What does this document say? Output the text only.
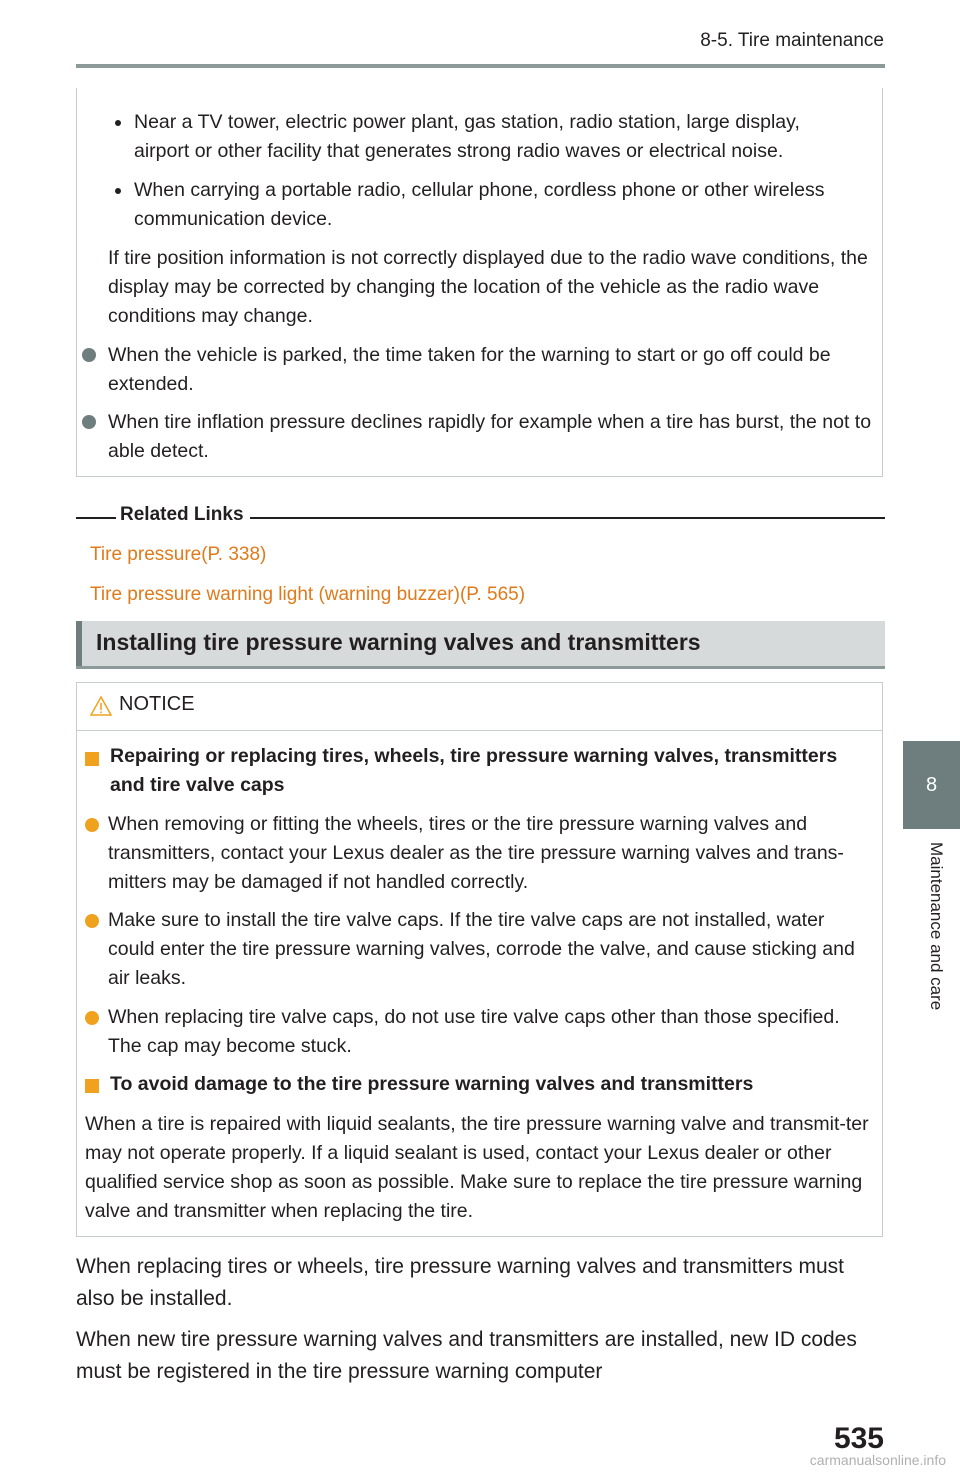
8-5. Tire maintenance
8
Maintenance and care
Near a TV tower, electric power plant, gas station, radio station, large display, airport or other facility that generates strong radio waves or electrical noise.
When carrying a portable radio, cellular phone, cordless phone or other wireless communication device.
If tire position information is not correctly displayed due to the radio wave conditions, the display may be corrected by changing the location of the vehicle as the radio wave conditions may change.
When the vehicle is parked, the time taken for the warning to start or go off could be extended.
When tire inflation pressure declines rapidly for example when a tire has burst, the not to able detect.
Related Links
Tire pressure(P. 338)
Tire pressure warning light (warning buzzer)(P. 565)
Installing tire pressure warning valves and transmitters
NOTICE
Repairing or replacing tires, wheels, tire pressure warning valves, transmitters and tire valve caps
When removing or fitting the wheels, tires or the tire pressure warning valves and transmitters, contact your Lexus dealer as the tire pressure warning valves and trans-mitters may be damaged if not handled correctly.
Make sure to install the tire valve caps. If the tire valve caps are not installed, water could enter the tire pressure warning valves, corrode the valve, and cause sticking and air leaks.
When replacing tire valve caps, do not use tire valve caps other than those specified. The cap may become stuck.
To avoid damage to the tire pressure warning valves and transmitters
When a tire is repaired with liquid sealants, the tire pressure warning valve and transmit-ter may not operate properly. If a liquid sealant is used, contact your Lexus dealer or other qualified service shop as soon as possible. Make sure to replace the tire pressure warning valve and transmitter when replacing the tire.
When replacing tires or wheels, tire pressure warning valves and transmitters must also be installed.
When new tire pressure warning valves and transmitters are installed, new ID codes must be registered in the tire pressure warning computer
535
carmanualsonline.info
